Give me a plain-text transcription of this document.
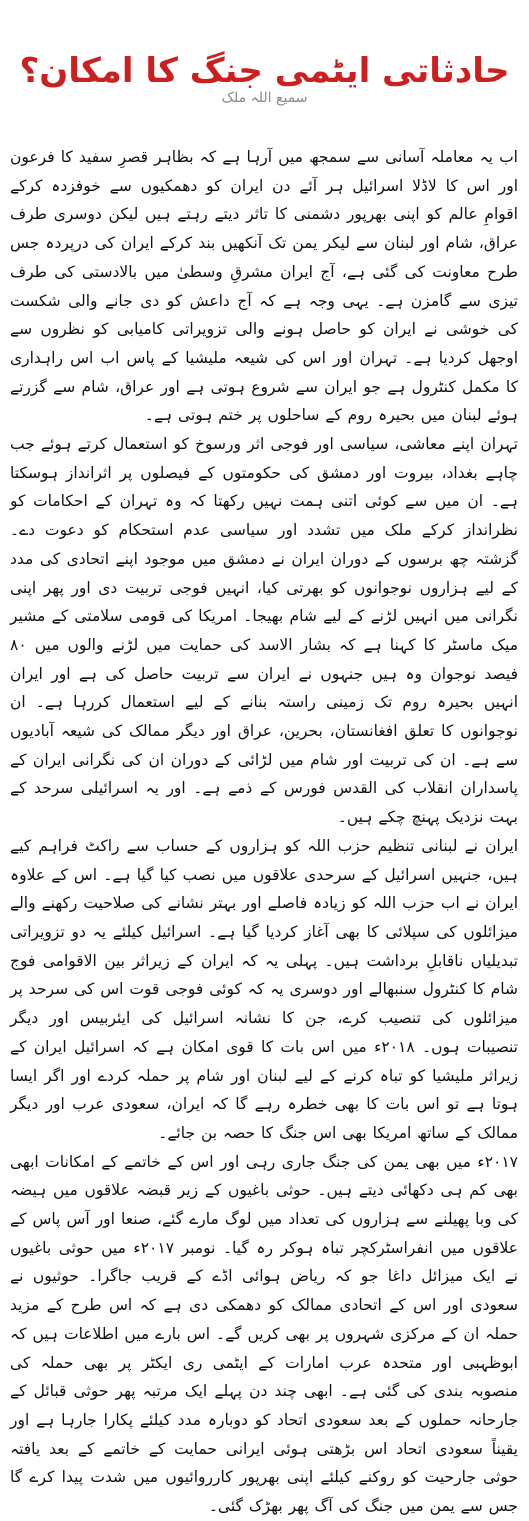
حادثاتی ایٹمی جنگ کا امکان؟
سمیع اللہ ملک

اب یہ معاملہ آسانی سے سمجھ میں آرہا ہے کہ بظاہر قصرِ سفید کا فرعون اور اس کا لاڈلا اسرائیل ہر آئے دن ایران کو دھمکیوں سے خوفزدہ کرکے اقوامِ عالم کو اپنی بھرپور دشمنی کا تاثر دیتے رہتے ہیں لیکن دوسری طرف عراق، شام اور لبنان سے لیکر یمن تک آنکھیں بند کرکے ایران کی درپردہ جس طرح معاونت کی گئی ہے، آج ایران مشرقِ وسطیٰ میں بالادستی کی طرف تیزی سے گامزن ہے۔ یہی وجہ ہے کہ آج داعش کو دی جانے والی شکست کی خوشی نے ایران کو حاصل ہونے والی تزویراتی کامیابی کو نظروں سے اوجھل کردیا ہے۔ تہران اور اس کی شیعہ ملیشیا کے پاس اب اس راہداری کا مکمل کنٹرول ہے جو ایران سے شروع ہوتی ہے اور عراق، شام سے گزرتے ہوئے لبنان میں بحیرہ روم کے ساحلوں پر ختم ہوتی ہے۔

تہران اپنے معاشی، سیاسی اور فوجی اثر ورسوخ کو استعمال کرتے ہوئے جب چاہے بغداد، بیروت اور دمشق کی حکومتوں کے فیصلوں پر اثرانداز ہوسکتا ہے۔ ان میں سے کوئی اتنی ہمت نہیں رکھتا کہ وہ تہران کے احکامات کو نظرانداز کرکے ملک میں تشدد اور سیاسی عدم استحکام کو دعوت دے۔ گزشتہ چھ برسوں کے دوران ایران نے دمشق میں موجود اپنے اتحادی کی مدد کے لیے ہزاروں نوجوانوں کو بھرتی کیا، انہیں فوجی تربیت دی اور پھر اپنی نگرانی میں انہیں لڑنے کے لیے شام بھیجا۔ امریکا کی قومی سلامتی کے مشیر میک ماسٹر کا کہنا ہے کہ بشار الاسد کی حمایت میں لڑنے والوں میں ۸۰ فیصد نوجوان وہ ہیں جنہوں نے ایران سے تربیت حاصل کی ہے اور ایران انہیں بحیرہ روم تک زمینی راستہ بنانے کے لیے استعمال کررہا ہے۔ ان نوجوانوں کا تعلق افغانستان، بحرین، عراق اور دیگر ممالک کی شیعہ آبادیوں سے ہے۔ ان کی تربیت اور شام میں لڑائی کے دوران ان کی نگرانی ایران کے پاسداران انقلاب کی القدس فورس کے ذمے ہے۔ اور یہ اسرائیلی سرحد کے بہت نزدیک پہنچ چکے ہیں۔

ایران نے لبنانی تنظیم حزب اللہ کو ہزاروں کے حساب سے راکٹ فراہم کیے ہیں، جنہیں اسرائیل کے سرحدی علاقوں میں نصب کیا گیا ہے۔ اس کے علاوہ ایران نے اب حزب اللہ کو زیادہ فاصلے اور بہتر نشانے کی صلاحیت رکھنے والے میزائلوں کی سپلائی کا بھی آغاز کردیا گیا ہے۔ اسرائیل کیلئے یہ دو تزویراتی تبدیلیاں ناقابلِ برداشت ہیں۔ پہلی یہ کہ ایران کے زیراثر بین الاقوامی فوج شام کا کنٹرول سنبھالے اور دوسری یہ کہ کوئی فوجی قوت اس کی سرحد پر میزائلوں کی تنصیب کرے، جن کا نشانہ اسرائیل کی ایئربیس اور دیگر تنصیبات ہوں۔ ۲۰۱۸ء میں اس بات کا قوی امکان ہے کہ اسرائیل ایران کے زیراثر ملیشیا کو تباہ کرنے کے لیے لبنان اور شام پر حملہ کردے اور اگر ایسا ہوتا ہے تو اس بات کا بھی خطرہ رہے گا کہ ایران، سعودی عرب اور دیگر ممالک کے ساتھ امریکا بھی اس جنگ کا حصہ بن جائے۔

۲۰۱۷ء میں بھی یمن کی جنگ جاری رہی اور اس کے خاتمے کے امکانات ابھی بھی کم ہی دکھائی دیتے ہیں۔ حوثی باغیوں کے زیر قبضہ علاقوں میں ہیضہ کی وبا پھیلنے سے ہزاروں کی تعداد میں لوگ مارے گئے، صنعا اور آس پاس کے علاقوں میں انفراسٹرکچر تباہ ہوکر رہ گیا۔ نومبر ۲۰۱۷ء میں حوثی باغیوں نے ایک میزائل داغا جو کہ ریاض ہوائی اڈے کے قریب جاگرا۔ حوثیوں نے سعودی اور اس کے اتحادی ممالک کو دھمکی دی ہے کہ اس طرح کے مزید حملہ ان کے مرکزی شہروں پر بھی کریں گے۔ اس بارے میں اطلاعات ہیں کہ ابوظہبی اور متحدہ عرب امارات کے ایٹمی ری ایکٹر پر بھی حملہ کی منصوبہ بندی کی گئی ہے۔ ابھی چند دن پہلے ایک مرتبہ پھر حوثی قبائل کے جارحانہ حملوں کے بعد سعودی اتحاد کو دوبارہ مدد کیلئے پکارا جارہا ہے اور یقیناً سعودی اتحاد اس بڑھتی ہوئی ایرانی حمایت کے خاتمے کے بعد یافتہ حوثی جارحیت کو روکنے کیلئے اپنی بھرپور کارروائیوں میں شدت پیدا کرے گا جس سے یمن میں جنگ کی آگ پھر بھڑک گئی۔
